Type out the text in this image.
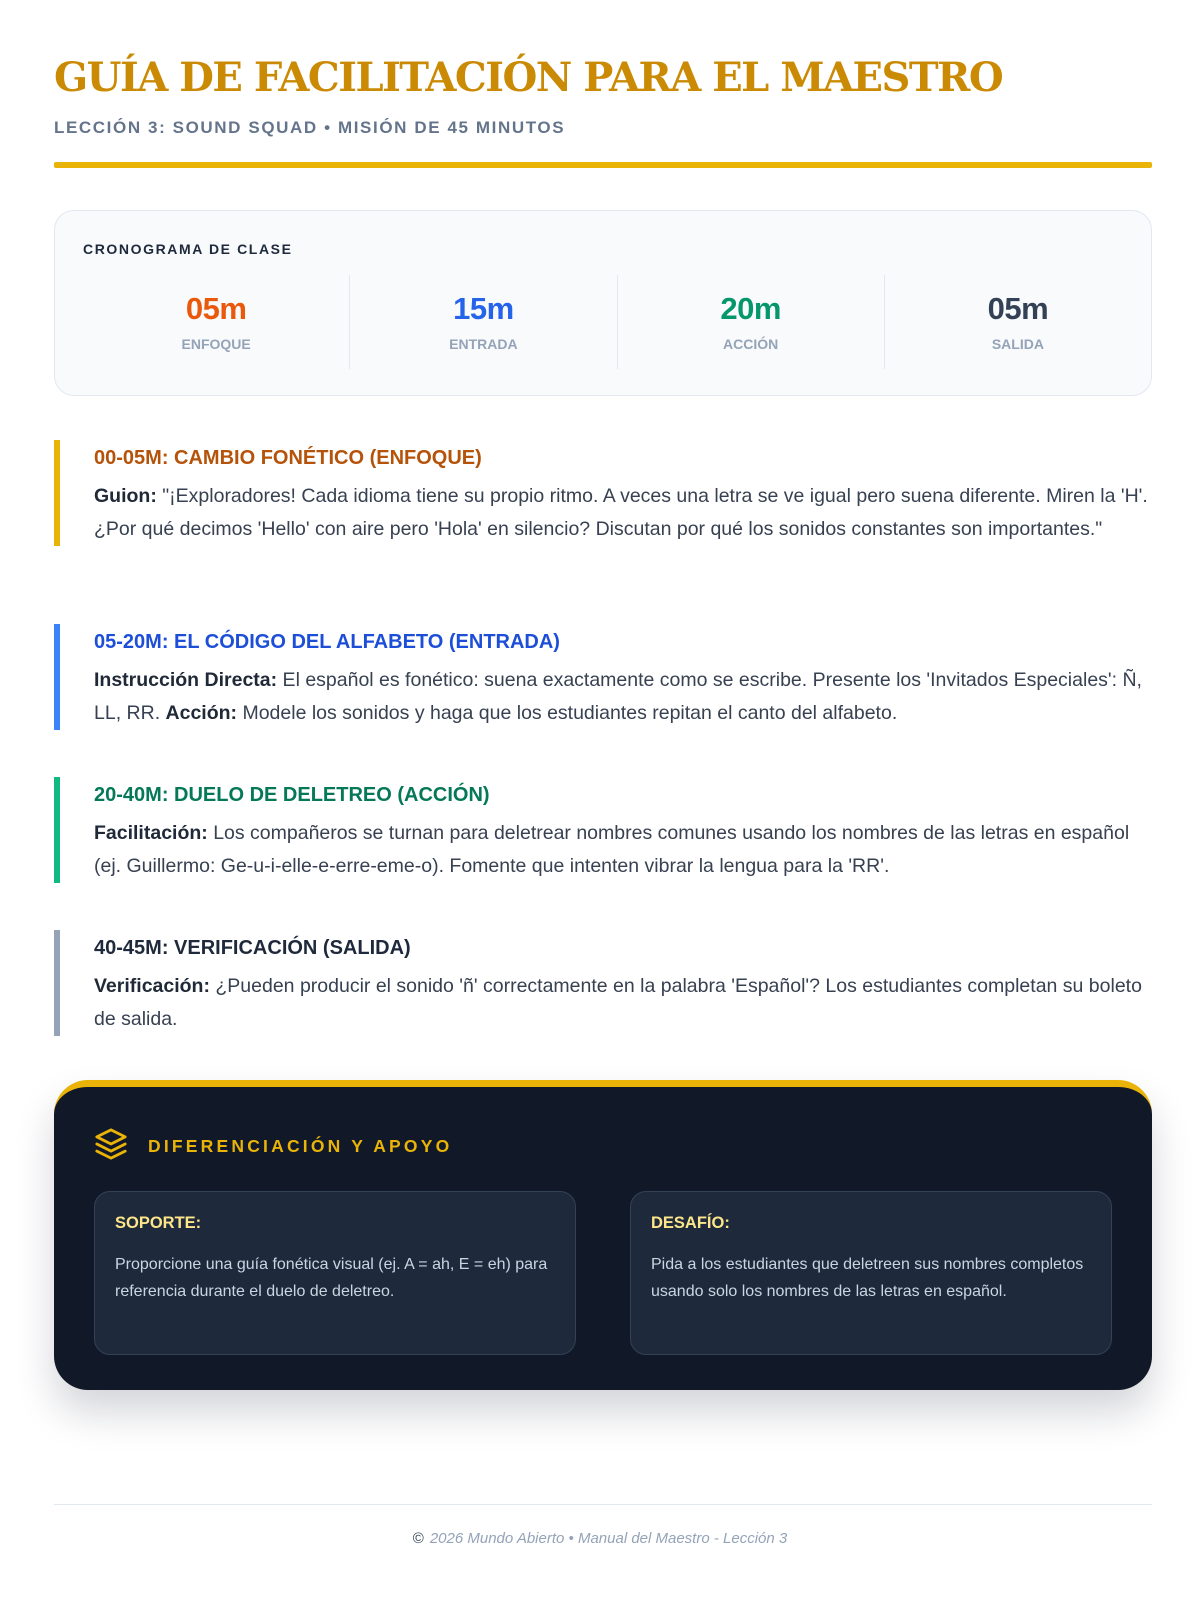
GUÍA DE FACILITACIÓN PARA EL MAESTRO
LECCIÓN 3: SOUND SQUAD • MISIÓN DE 45 MINUTOS
CRONOGRAMA DE CLASE
05m
ENFOQUE
15m
ENTRADA
20m
ACCIÓN
05m
SALIDA
00-05M: CAMBIO FONÉTICO (ENFOQUE)

Guion: "¡Exploradores! Cada idioma tiene su propio ritmo. A veces una letra se ve igual pero suena diferente. Miren la 'H'. ¿Por qué decimos 'Hello' con aire pero 'Hola' en silencio? Discutan por qué los sonidos constantes son importantes."

05-20M: EL CÓDIGO DEL ALFABETO (ENTRADA)

Instrucción Directa: El español es fonético: suena exactamente como se escribe. Presente los 'Invitados Especiales': Ñ, LL, RR. Acción: Modele los sonidos y haga que los estudiantes repitan el canto del alfabeto.

20-40M: DUELO DE DELETREO (ACCIÓN)

Facilitación: Los compañeros se turnan para deletrear nombres comunes usando los nombres de las letras en español (ej. Guillermo: Ge-u-i-elle-e-erre-eme-o). Fomente que intenten vibrar la lengua para la 'RR'.

40-45M: VERIFICACIÓN (SALIDA)

Verificación: ¿Pueden producir el sonido 'ñ' correctamente en la palabra 'Español'? Los estudiantes completan su boleto de salida.

DIFERENCIACIÓN Y APOYO
SOPORTE:
Proporcione una guía fonética visual (ej. A = ah, E = eh) para referencia durante el duelo de deletreo.
DESAFÍO:
Pida a los estudiantes que deletreen sus nombres completos usando solo los nombres de las letras en español.
© 2026 Mundo Abierto • Manual del Maestro - Lección 3
